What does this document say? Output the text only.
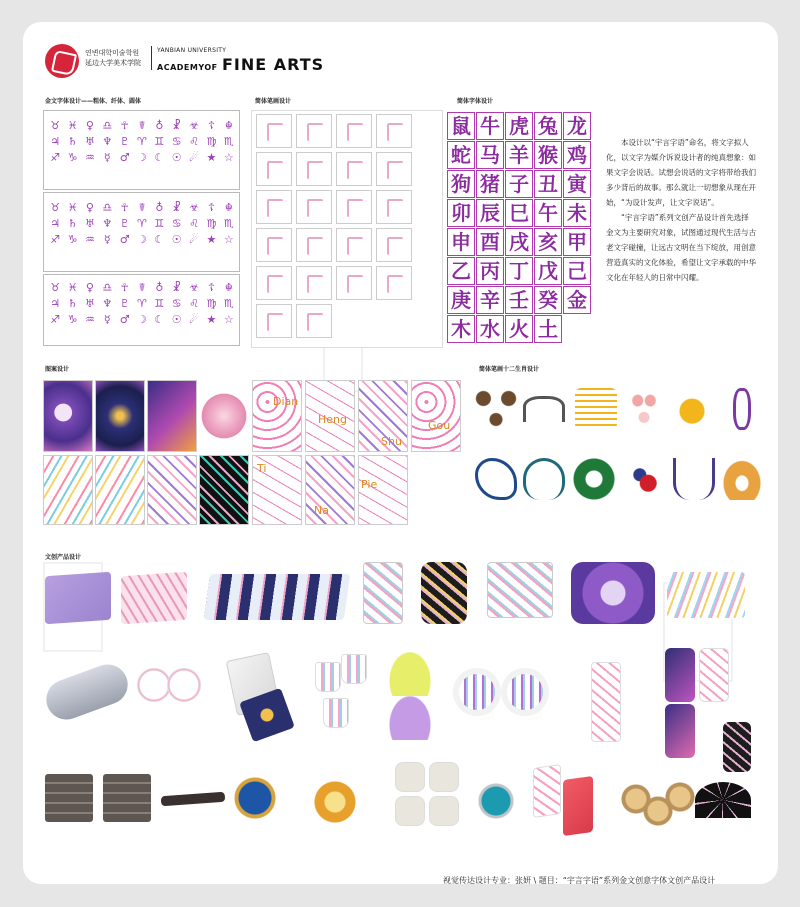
연변대학미술학원
延边大学美术学院
YANBIAN UNIVERSITY
ACADEMYOF FINE ARTS
金文字体设计——粗体、纤体、圆体	简体笔画设计	简体字体设计
♉ ♓ ♀ ♎ ☥ ☤ ♁ ☧ ☣ ☦ ☬
♃ ♄ ♅ ♆ ♇ ♈ ♊ ♋ ♌ ♍ ♏
♐ ♑ ♒ ☿ ♂ ☽ ☾ ☉ ☄ ★ ☆
♉ ♓ ♀ ♎ ☥ ☤ ♁ ☧ ☣ ☦ ☬
♃ ♄ ♅ ♆ ♇ ♈ ♊ ♋ ♌ ♍ ♏
♐ ♑ ♒ ☿ ♂ ☽ ☾ ☉ ☄ ★ ☆
♉ ♓ ♀ ♎ ☥ ☤ ♁ ☧ ☣ ☦ ☬
♃ ♄ ♅ ♆ ♇ ♈ ♊ ♋ ♌ ♍ ♏
♐ ♑ ♒ ☿ ♂ ☽ ☾ ☉ ☄ ★ ☆
鼠 牛 虎 兔 龙
蛇 马 羊 猴 鸡
狗 猪 子 丑 寅
卯 辰 巳 午 未
申 酉 戌 亥 甲
乙 丙 丁 戊 己
庚 辛 壬 癸 金
木 水 火 土

本设计以“宇言字语”命名，将文字拟人化，以文字为媒介诉说设计者的纯真想象：如果文字会说话。试想会说话的文字将带给我们多少背后的故事。那么就让一切想象从现在开始，“为设计发声，让文字说话”。

“宇言字语”系列文创产品设计首先选择金文为主要研究对象，试图通过现代生活与古老文字碰撞，让远古文明在当下绽放，用创意营造真实的文化体验，希望让文字承载的中华文化在年轻人的日常中闪耀。

图案设计	简体笔画十二生肖设计
Dian
Heng
Shu
Gou
Ti
Na
Pie
文创产品设计
视觉传达设计专业：张妍 \ 题目：“宇言字语”系列金文创意字体文创产品设计
